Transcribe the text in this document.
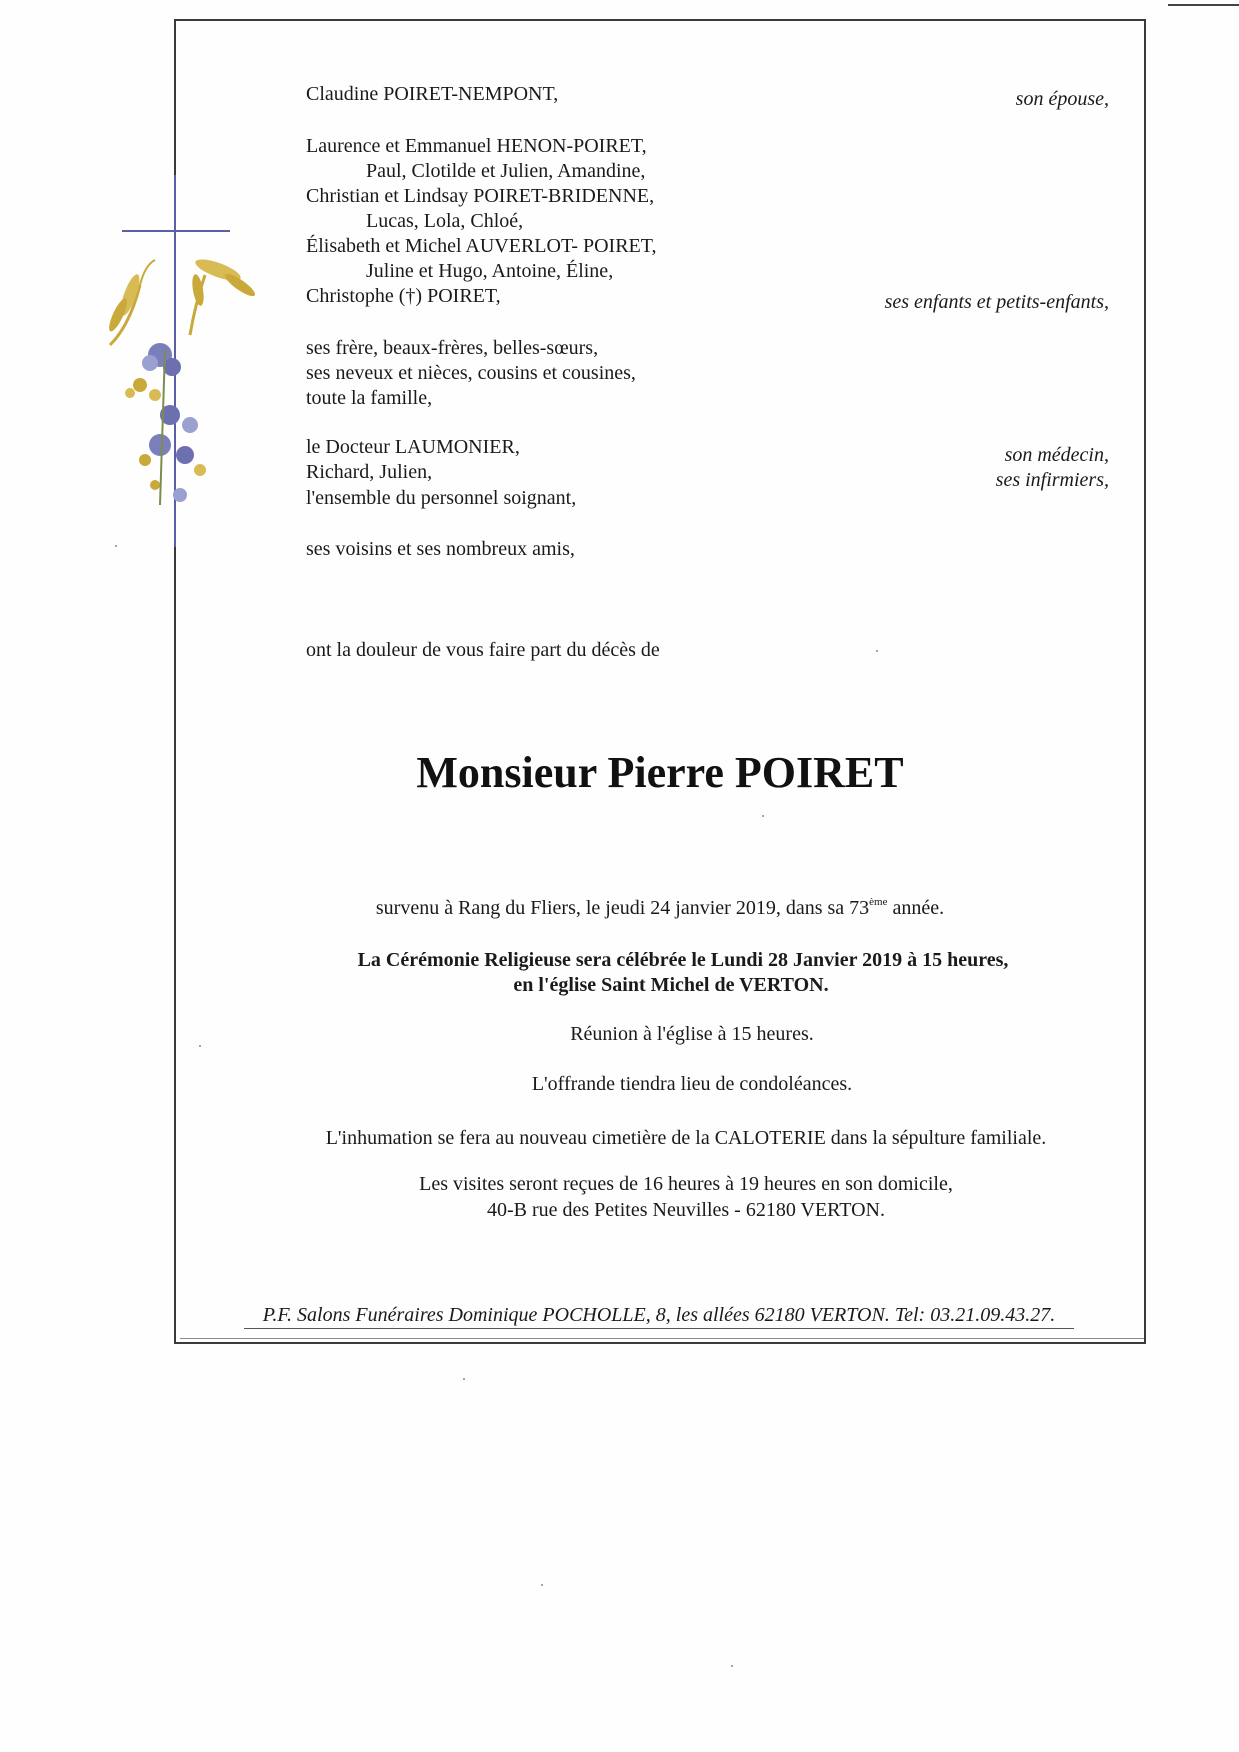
Claudine POIRET-NEMPONT,	son épouse,
Laurence et Emmanuel HENON-POIRET,
Paul, Clotilde et Julien, Amandine,
Christian et Lindsay POIRET-BRIDENNE,
Lucas, Lola, Chloé,
Élisabeth et Michel AUVERLOT- POIRET,
Juline et Hugo, Antoine, Éline,
Christophe (†) POIRET,	ses enfants et petits-enfants,
ses frère, beaux-frères, belles-sœurs,
ses neveux et nièces, cousins et cousines,
toute la famille,
le Docteur LAUMONIER,
Richard, Julien,
l'ensemble du personnel soignant,
son médecin,
ses infirmiers,
ses voisins et ses nombreux amis,
ont la douleur de vous faire part du décès de
Monsieur Pierre POIRET
survenu à Rang du Fliers, le jeudi 24 janvier 2019, dans sa 73ème année.
La Cérémonie Religieuse sera célébrée le Lundi 28 Janvier 2019 à 15 heures,
en l'église Saint Michel de VERTON.
Réunion à l'église à 15 heures.
L'offrande tiendra lieu de condoléances.
L'inhumation se fera au nouveau cimetière de la CALOTERIE dans la sépulture familiale.
Les visites seront reçues de 16 heures à 19 heures en son domicile,
40-B rue des Petites Neuvilles - 62180 VERTON.
P.F. Salons Funéraires Dominique POCHOLLE, 8, les allées 62180 VERTON. Tel: 03.21.09.43.27.
